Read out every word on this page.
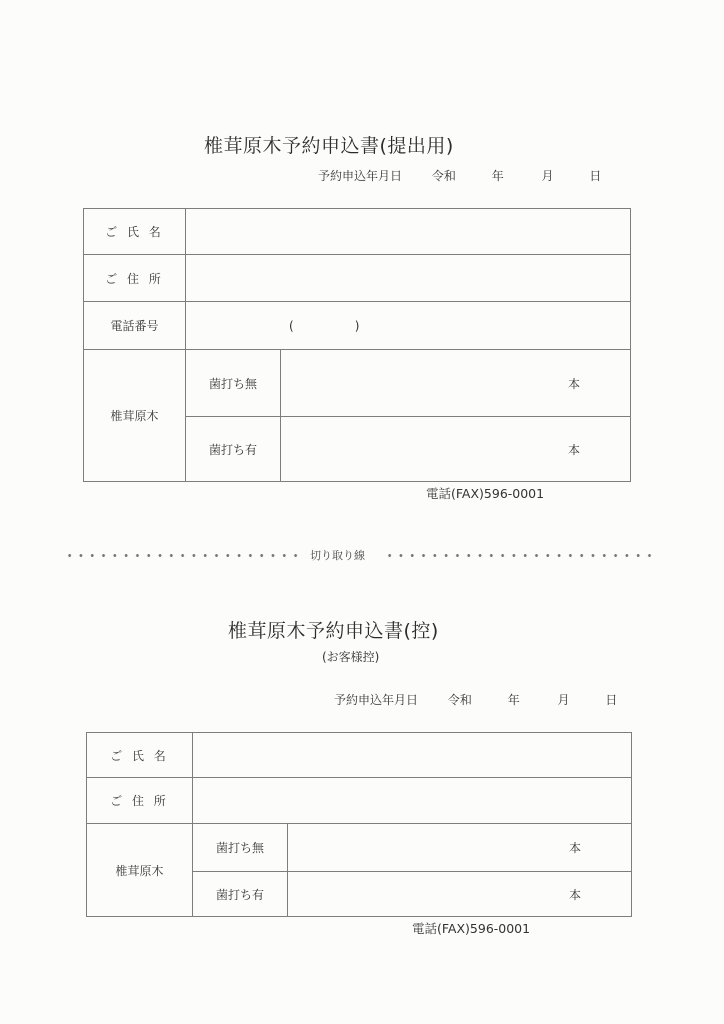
椎茸原木予約申込書(提出用)
予約申込年月日 令和	年	月	日
ご 氏 名		
ご 住 所		
電話番号	(                )	
椎茸原木	菌打ち無	本
	菌打ち有	本
電話(FAX)596-0001
切り取り線
椎茸原木予約申込書(控)
(お客様控)
予約申込年月日 令和	年	月	日
ご 氏 名		
ご 住 所		
椎茸原木	菌打ち無	本
	菌打ち有	本
電話(FAX)596-0001
